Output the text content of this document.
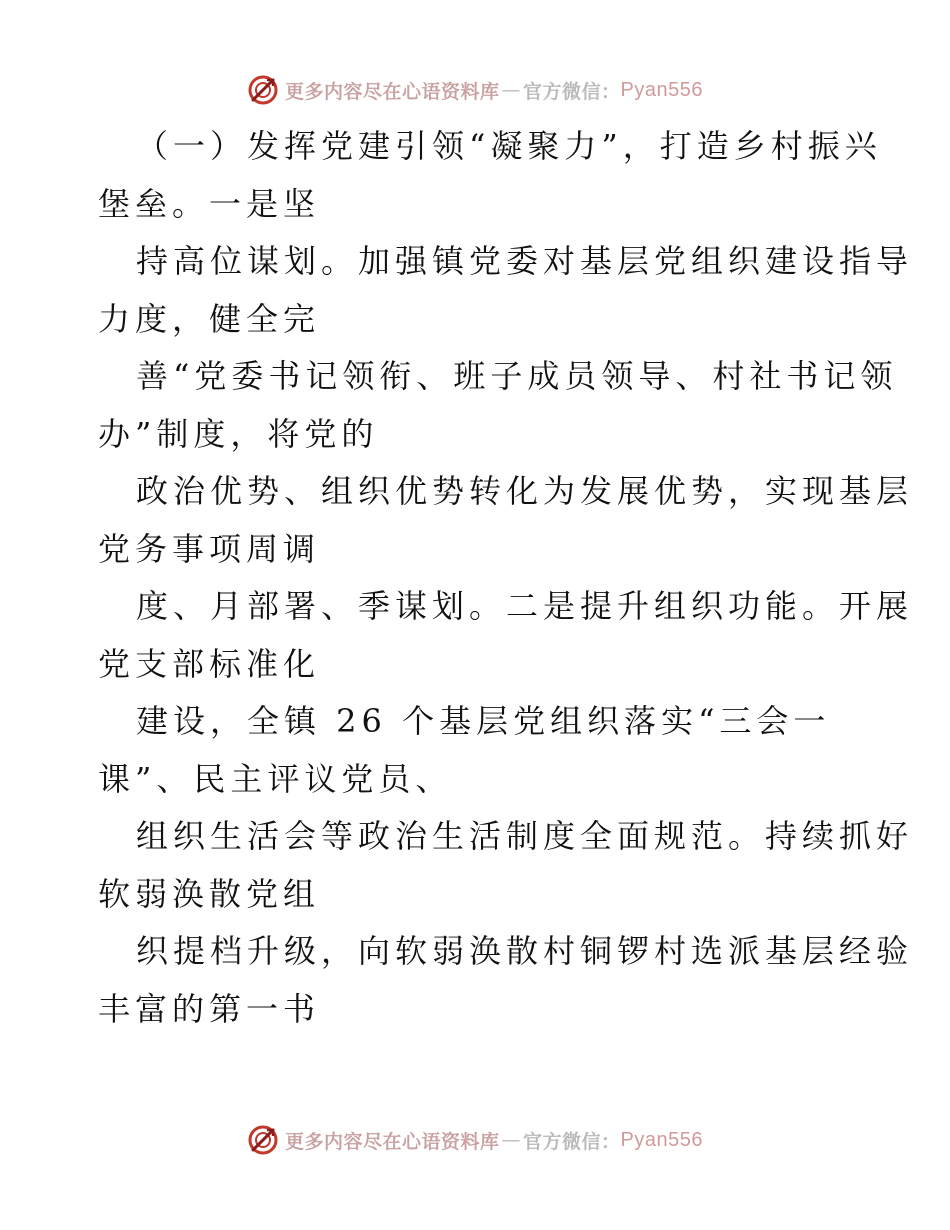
更多内容尽在心语资料库 — 官方微信： Pyan556
（一）发挥党建引领“凝聚力”，打造乡村振兴
堡垒。一是坚
持高位谋划。加强镇党委对基层党组织建设指导
力度，健全完
善“党委书记领衔、班子成员领导、村社书记领
办”制度，将党的
政治优势、组织优势转化为发展优势，实现基层
党务事项周调
度、月部署、季谋划。二是提升组织功能。开展
党支部标准化
建设，全镇 26 个基层党组织落实“三会一
课”、民主评议党员、
组织生活会等政治生活制度全面规范。持续抓好
软弱涣散党组
织提档升级，向软弱涣散村铜锣村选派基层经验
丰富的第一书
更多内容尽在心语资料库 — 官方微信： Pyan556
